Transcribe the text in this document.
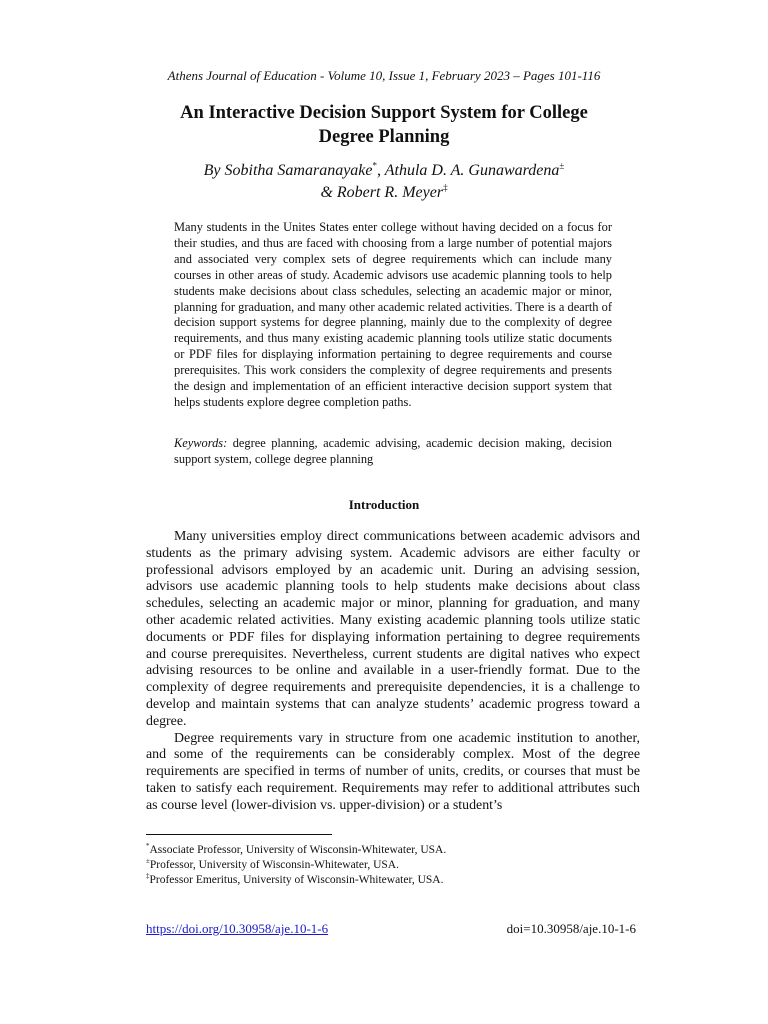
Athens Journal of Education - Volume 10, Issue 1, February 2023 – Pages 101-116
An Interactive Decision Support System for College
Degree Planning
By Sobitha Samaranayake*, Athula D. A. Gunawardena±
& Robert R. Meyer‡
Many students in the Unites States enter college without having decided on a focus for their studies, and thus are faced with choosing from a large number of potential majors and associated very complex sets of degree requirements which can include many courses in other areas of study. Academic advisors use academic planning tools to help students make decisions about class schedules, selecting an academic major or minor, planning for graduation, and many other academic related activities. There is a dearth of decision support systems for degree planning, mainly due to the complexity of degree requirements, and thus many existing academic planning tools utilize static documents or PDF files for displaying information pertaining to degree requirements and course prerequisites. This work considers the complexity of degree requirements and presents the design and implementation of an efficient interactive decision support system that helps students explore degree completion paths.
Keywords: degree planning, academic advising, academic decision making, decision support system, college degree planning
Introduction

Many universities employ direct communications between academic advisors and students as the primary advising system. Academic advisors are either faculty or professional advisors employed by an academic unit. During an advising session, advisors use academic planning tools to help students make decisions about class schedules, selecting an academic major or minor, planning for graduation, and many other academic related activities. Many existing academic planning tools utilize static documents or PDF files for displaying information pertaining to degree requirements and course prerequisites. Nevertheless, current students are digital natives who expect advising resources to be online and available in a user-friendly format. Due to the complexity of degree requirements and prerequisite dependencies, it is a challenge to develop and maintain systems that can analyze students’ academic progress toward a degree.

Degree requirements vary in structure from one academic institution to another, and some of the requirements can be considerably complex. Most of the degree requirements are specified in terms of number of units, credits, or courses that must be taken to satisfy each requirement. Requirements may refer to additional attributes such as course level (lower-division vs. upper-division) or a student’s

*Associate Professor, University of Wisconsin-Whitewater, USA.
±Professor, University of Wisconsin-Whitewater, USA.
‡Professor Emeritus, University of Wisconsin-Whitewater, USA.
https://doi.org/10.30958/aje.10-1-6	doi=10.30958/aje.10-1-6
